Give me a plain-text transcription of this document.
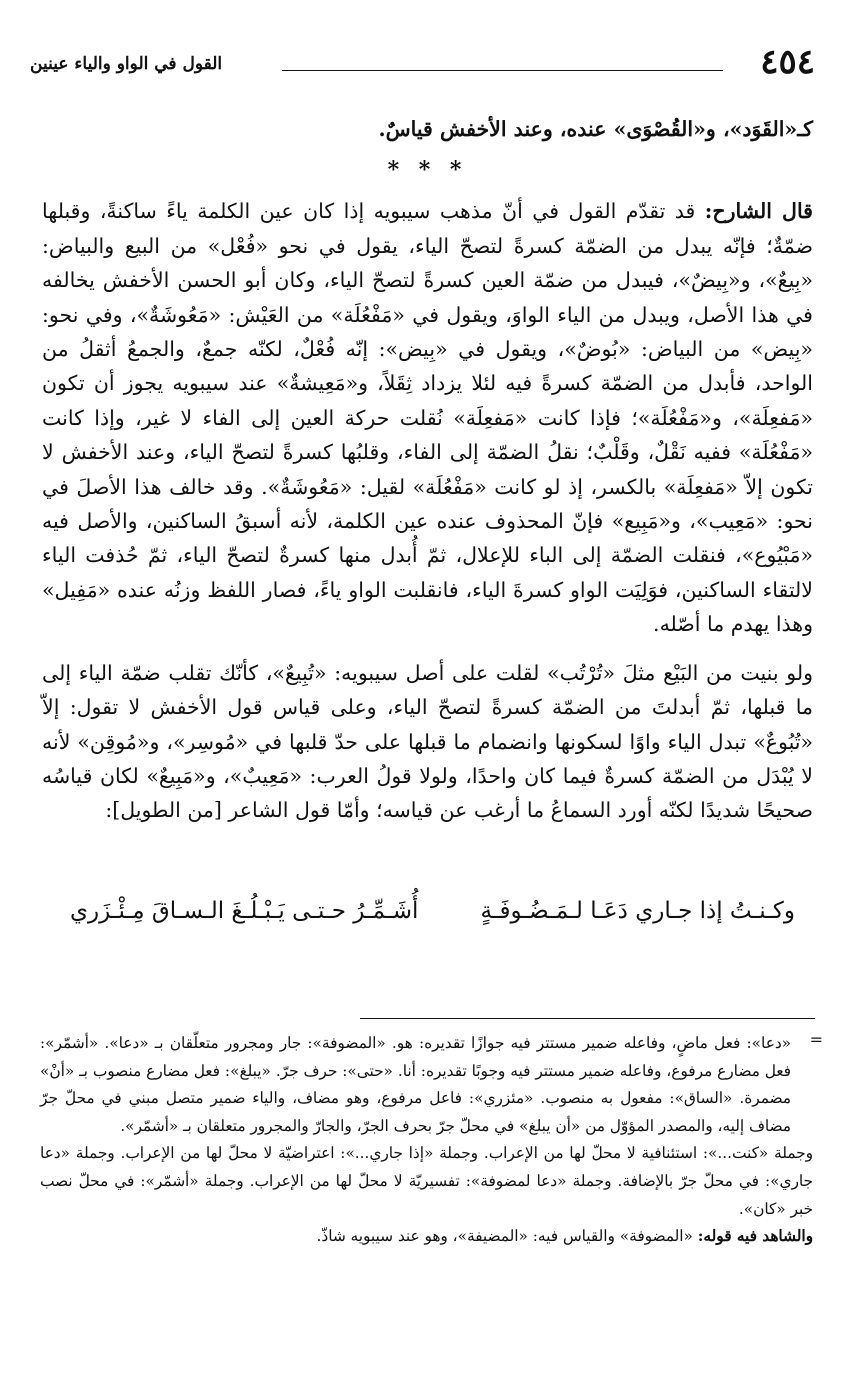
٤٥٤
القول في الواو والياء عينين

كـ«القَوَد»، و«القُصْوَى» عنده، وعند الأخفش قياسٌ.

* * *

قال الشارح: قد تقدّم القول في أنّ مذهب سيبويه إذا كان عين الكلمة ياءً ساكنةً، وقبلها ضمّةٌ؛ فإنّه يبدل من الضمّة كسرةً لتصحّ الياء، يقول في نحو «فُعْل» من البيع والبياض: «بِيعٌ»، و«بِيضٌ»، فيبدل من ضمّة العين كسرةً لتصحّ الياء، وكان أبو الحسن الأخفش يخالفه في هذا الأصل، ويبدل من الياء الواوَ، ويقول في «مَفْعُلَة» من العَيْش: «مَعُوشَةٌ»، وفي نحو: «بِيض» من البياض: «بُوضٌ»، ويقول في «بِيض»: إنّه فُعْلٌ، لكنّه جمعٌ، والجمعُ أثقلُ من الواحد، فأبدل من الضمّة كسرةً فيه لئلا يزداد ثِقَلاً، و«مَعِيشةٌ» عند سيبويه يجوز أن تكون «مَفعِلَة»، و«مَفْعُلَة»؛ فإذا كانت «مَفعِلَة» نُقلت حركة العين إلى الفاء لا غير، وإذا كانت «مَفْعُلَة» ففيه نَقْلٌ، وقَلْبٌ؛ نقلُ الضمّة إلى الفاء، وقلبُها كسرةً لتصحّ الياء، وعند الأخفش لا تكون إلاّ «مَفعِلَة» بالكسر، إذ لو كانت «مَفْعُلَة» لقيل: «مَعُوشَةٌ». وقد خالف هذا الأصلَ في نحو: «مَعِيب»، و«مَبِيع» فإنّ المحذوف عنده عين الكلمة، لأنه أسبقُ الساكنين، والأصل فيه «مَبْيُوع»، فنقلت الضمّة إلى الباء للإعلال، ثمّ أُبدل منها كسرةٌ لتصحّ الياء، ثمّ حُذفت الياء لالتقاء الساكنين، فوَلِيَت الواو كسرةَ الياء، فانقلبت الواو ياءً، فصار اللفظ وزنُه عنده «مَفِيل» وهذا يهدم ما أصّله.

ولو بنيت من البَيْع مثلَ «تُرْتُب» لقلت على أصل سيبويه: «تُبِيعٌ»، كأنّك تقلب ضمّة الياء إلى ما قبلها، ثمّ أبدلتَ من الضمّة كسرةً لتصحّ الياء، وعلى قياس قول الأخفش لا تقول: إلاّ «تُبُوعٌ» تبدل الياء واوًا لسكونها وانضمام ما قبلها على حدّ قلبها في «مُوسِر»، و«مُوقِن» لأنه لا يُبْدَل من الضمّة كسرةٌ فيما كان واحدًا، ولولا قولُ العرب: «مَعِيبٌ»، و«مَبِيعٌ» لكان قياسُه صحيحًا شديدًا لكنّه أورد السماعُ ما أرغب عن قياسه؛ وأمّا قول الشاعر [من الطويل]:

وكـنـتُ إذا جـاري دَعَـا لـمَـضُـوفَـةٍ
أُشَـمِّـرُ حـتـى يَـبْـلُـغَ الـسـاقَ مِـئْـزَري
=

«دعا»: فعل ماضٍ، وفاعله ضمير مستتر فيه جوازًا تقديره: هو. «المضوفة»: جار ومجرور متعلّقان بـ «دعا». «أشمّر»: فعل مضارع مرفوع، وفاعله ضمير مستتر فيه وجوبًا تقديره: أنا. «حتى»: حرف جرّ. «يبلغ»: فعل مضارع منصوب بـ «أنْ» مضمرة. «الساق»: مفعول به منصوب. «مئزري»: فاعل مرفوع، وهو مضاف، والياء ضمير متصل مبني في محلّ جرّ مضاف إليه، والمصدر المؤوّل من «أن يبلغ» في محلّ جرّ بحرف الجرّ، والجارّ والمجرور متعلقان بـ «أشمّر».

وجملة «كنت...»: استئنافية لا محلّ لها من الإعراب. وجملة «إذا جاري...»: اعتراضيّة لا محلّ لها من الإعراب. وجملة «دعا جاري»: في محلّ جرّ بالإضافة. وجملة «دعا لمضوفة»: تفسيريّة لا محلّ لها من الإعراب. وجملة «أشمّر»: في محلّ نصب خبر «كان».

والشاهد فيه قوله: «المضوفة» والقياس فيه: «المضيفة»، وهو عند سيبويه شاذّ.
